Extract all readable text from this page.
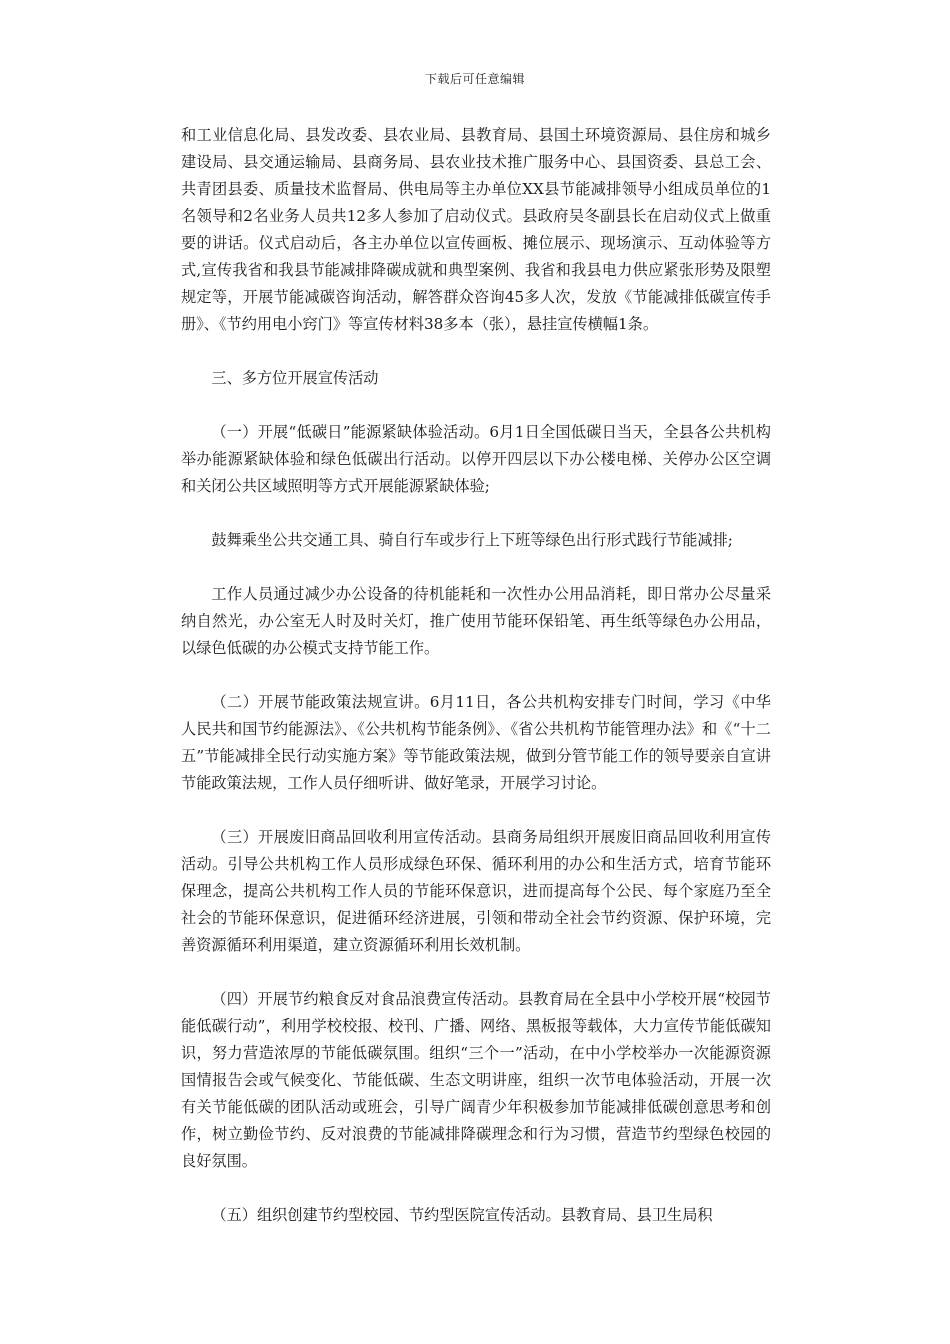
下载后可任意编辑

和工业信息化局、县发改委、县农业局、县教育局、县国土环境资源局、县住房和城乡建设局、县交通运输局、县商务局、县农业技术推广服务中心、县国资委、县总工会、共青团县委、质量技术监督局、供电局等主办单位XX县节能减排领导小组成员单位的1名领导和2名业务人员共12多人参加了启动仪式。县政府吴冬副县长在启动仪式上做重要的讲话。仪式启动后，各主办单位以宣传画板、摊位展示、现场演示、互动体验等方式,宣传我省和我县节能减排降碳成就和典型案例、我省和我县电力供应紧张形势及限塑规定等，开展节能减碳咨询活动，解答群众咨询45多人次，发放《节能减排低碳宣传手册》、《节约用电小窍门》等宣传材料38多本（张），悬挂宣传横幅1条。

三、多方位开展宣传活动

（一）开展“低碳日”能源紧缺体验活动。6月1日全国低碳日当天，全县各公共机构举办能源紧缺体验和绿色低碳出行活动。以停开四层以下办公楼电梯、关停办公区空调和关闭公共区域照明等方式开展能源紧缺体验;

鼓舞乘坐公共交通工具、骑自行车或步行上下班等绿色出行形式践行节能减排;

工作人员通过减少办公设备的待机能耗和一次性办公用品消耗，即日常办公尽量采纳自然光，办公室无人时及时关灯，推广使用节能环保铅笔、再生纸等绿色办公用品，以绿色低碳的办公模式支持节能工作。

（二）开展节能政策法规宣讲。6月11日，各公共机构安排专门时间，学习《中华人民共和国节约能源法》、《公共机构节能条例》、《省公共机构节能管理办法》和《“十二五”节能减排全民行动实施方案》等节能政策法规，做到分管节能工作的领导要亲自宣讲节能政策法规，工作人员仔细听讲、做好笔录，开展学习讨论。

（三）开展废旧商品回收利用宣传活动。县商务局组织开展废旧商品回收利用宣传活动。引导公共机构工作人员形成绿色环保、循环利用的办公和生活方式，培育节能环保理念，提高公共机构工作人员的节能环保意识，进而提高每个公民、每个家庭乃至全社会的节能环保意识，促进循环经济进展，引领和带动全社会节约资源、保护环境，完善资源循环利用渠道，建立资源循环利用长效机制。

（四）开展节约粮食反对食品浪费宣传活动。县教育局在全县中小学校开展“校园节能低碳行动”，利用学校校报、校刊、广播、网络、黑板报等载体，大力宣传节能低碳知识，努力营造浓厚的节能低碳氛围。组织“三个一”活动，在中小学校举办一次能源资源国情报告会或气候变化、节能低碳、生态文明讲座，组织一次节电体验活动，开展一次有关节能低碳的团队活动或班会，引导广阔青少年积极参加节能减排低碳创意思考和创作，树立勤俭节约、反对浪费的节能减排降碳理念和行为习惯，营造节约型绿色校园的良好氛围。

（五）组织创建节约型校园、节约型医院宣传活动。县教育局、县卫生局积
